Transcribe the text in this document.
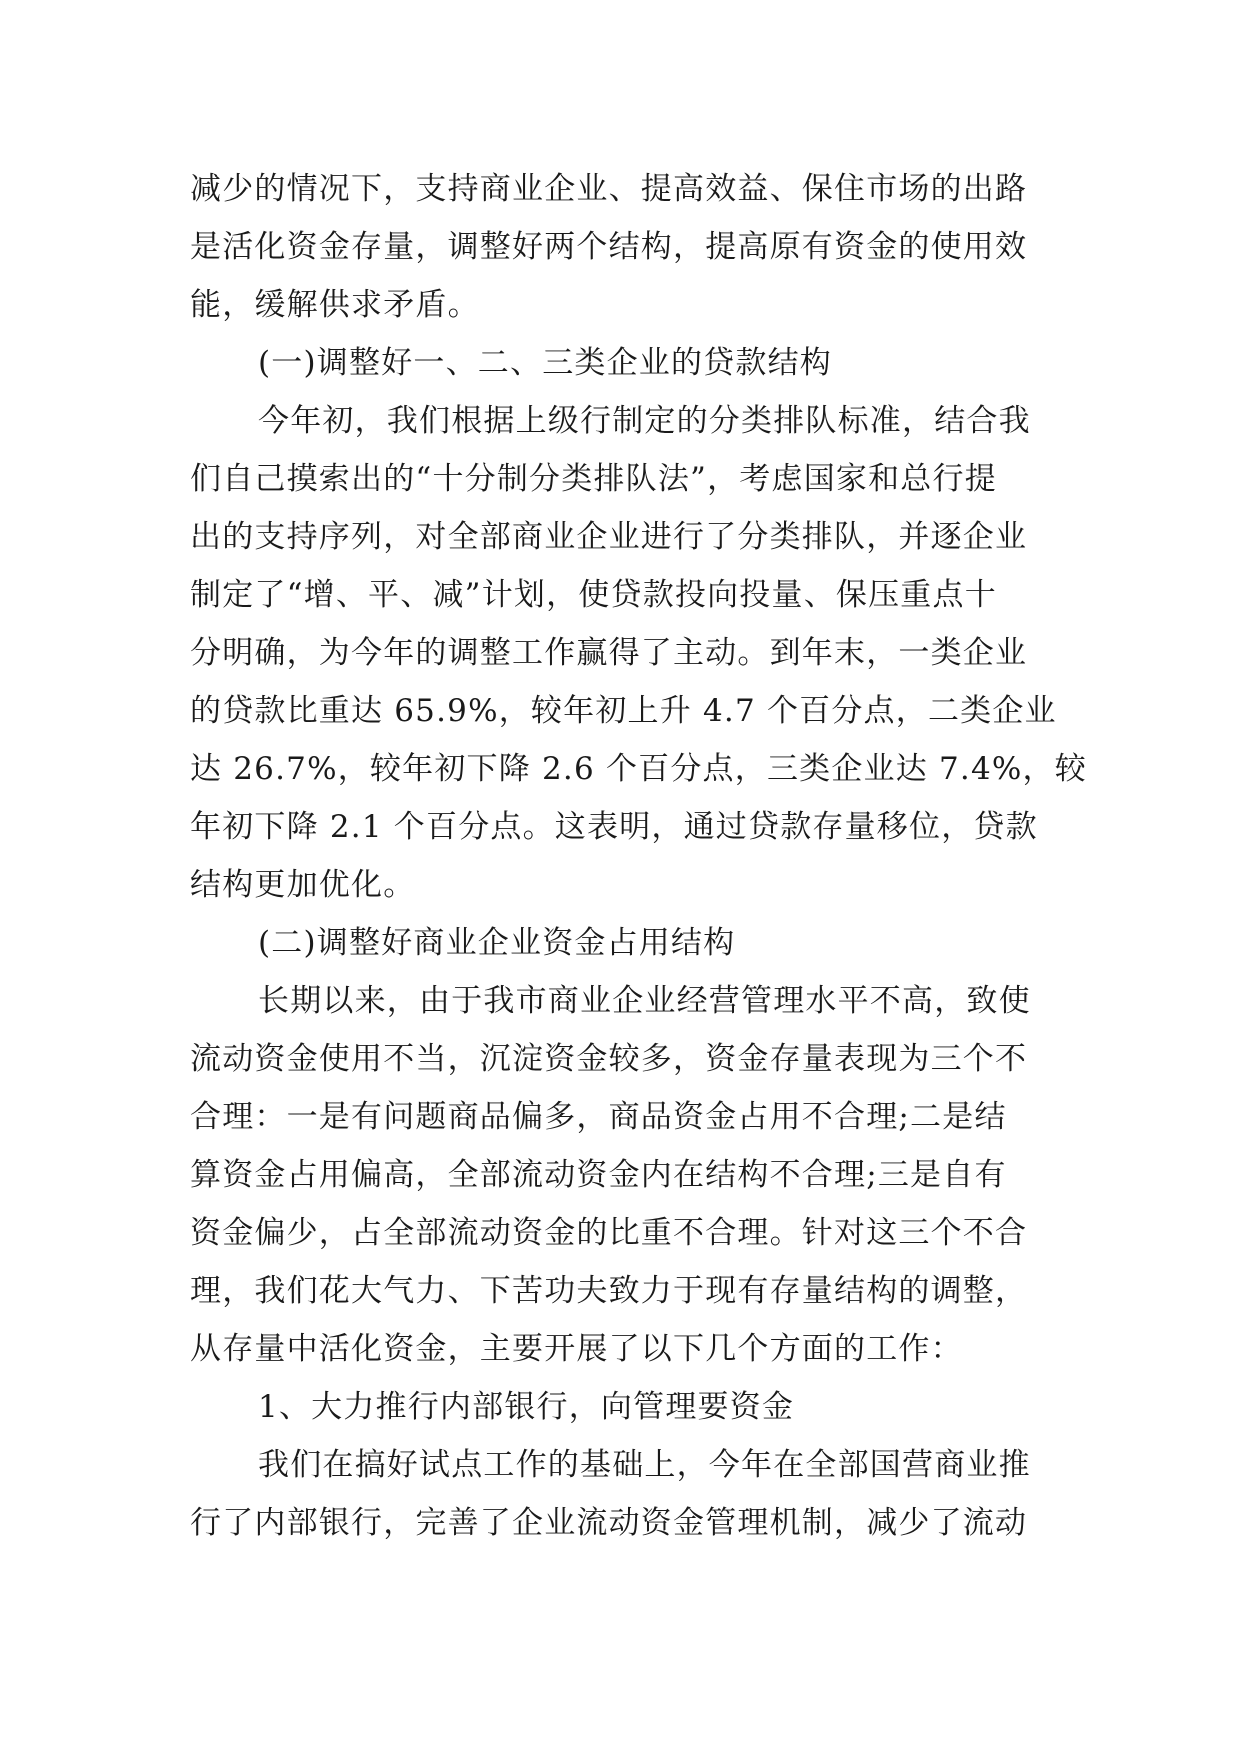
减少的情况下，支持商业企业、提高效益、保住市场的出路
是活化资金存量，调整好两个结构，提高原有资金的使用效
能，缓解供求矛盾。
(一)调整好一、二、三类企业的贷款结构
今年初，我们根据上级行制定的分类排队标准，结合我
们自己摸索出的“十分制分类排队法”，考虑国家和总行提
出的支持序列，对全部商业企业进行了分类排队，并逐企业
制定了“增、平、减”计划，使贷款投向投量、保压重点十
分明确，为今年的调整工作赢得了主动。到年末，一类企业
的贷款比重达 65.9%，较年初上升 4.7 个百分点，二类企业
达 26.7%，较年初下降 2.6 个百分点，三类企业达 7.4%，较
年初下降 2.1 个百分点。这表明，通过贷款存量移位，贷款
结构更加优化。
(二)调整好商业企业资金占用结构
长期以来，由于我市商业企业经营管理水平不高，致使
流动资金使用不当，沉淀资金较多，资金存量表现为三个不
合理：一是有问题商品偏多，商品资金占用不合理;二是结
算资金占用偏高，全部流动资金内在结构不合理;三是自有
资金偏少，占全部流动资金的比重不合理。针对这三个不合
理，我们花大气力、下苦功夫致力于现有存量结构的调整，
从存量中活化资金，主要开展了以下几个方面的工作：
1、大力推行内部银行，向管理要资金
我们在搞好试点工作的基础上，今年在全部国营商业推
行了内部银行，完善了企业流动资金管理机制，减少了流动
